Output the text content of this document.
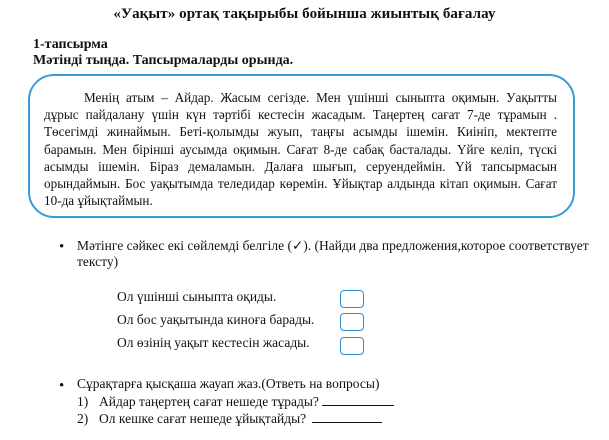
«Уақыт» ортақ тақырыбы бойынша жиынтық бағалау
1-тапсырма
Мәтінді тыңда. Тапсырмаларды орында.
Менің атым – Айдар. Жасым сегізде. Мен үшінші сыныпта оқимын. Уақытты дұрыс пайдалану үшін күн тәртібі кестесін жасадым. Таңертең сағат 7-де тұрамын . Төсегімді жинаймын. Беті-қолымды жуып, таңғы асымды ішемін. Киініп, мектепте барамын. Мен бірінші аусымда оқимын. Сағат 8-де сабақ басталады. Үйге келіп, түскі асымды ішемін. Біраз демаламын. Далаға шығып, серуендеймін. Үй тапсырмасын орындаймын. Бос уақытымда теледидар көремін. Ұйықтар алдында кітап оқимын. Сағат 10-да ұйықтаймын.
• Мәтінге сәйкес екі сөйлемді белгіле (✓). (Найди два предложения,которое соответствует тексту)
Ол үшінші сыныпта оқиды.
Ол бос уақытында киноға барады.
Ол өзінің уақыт кестесін жасады.
• Сұрақтарға қысқаша жауап жаз.(Ответь на вопросы)
1) Айдар таңертең сағат нешеде тұрады?
2) Ол кешке сағат нешеде ұйықтайды?
